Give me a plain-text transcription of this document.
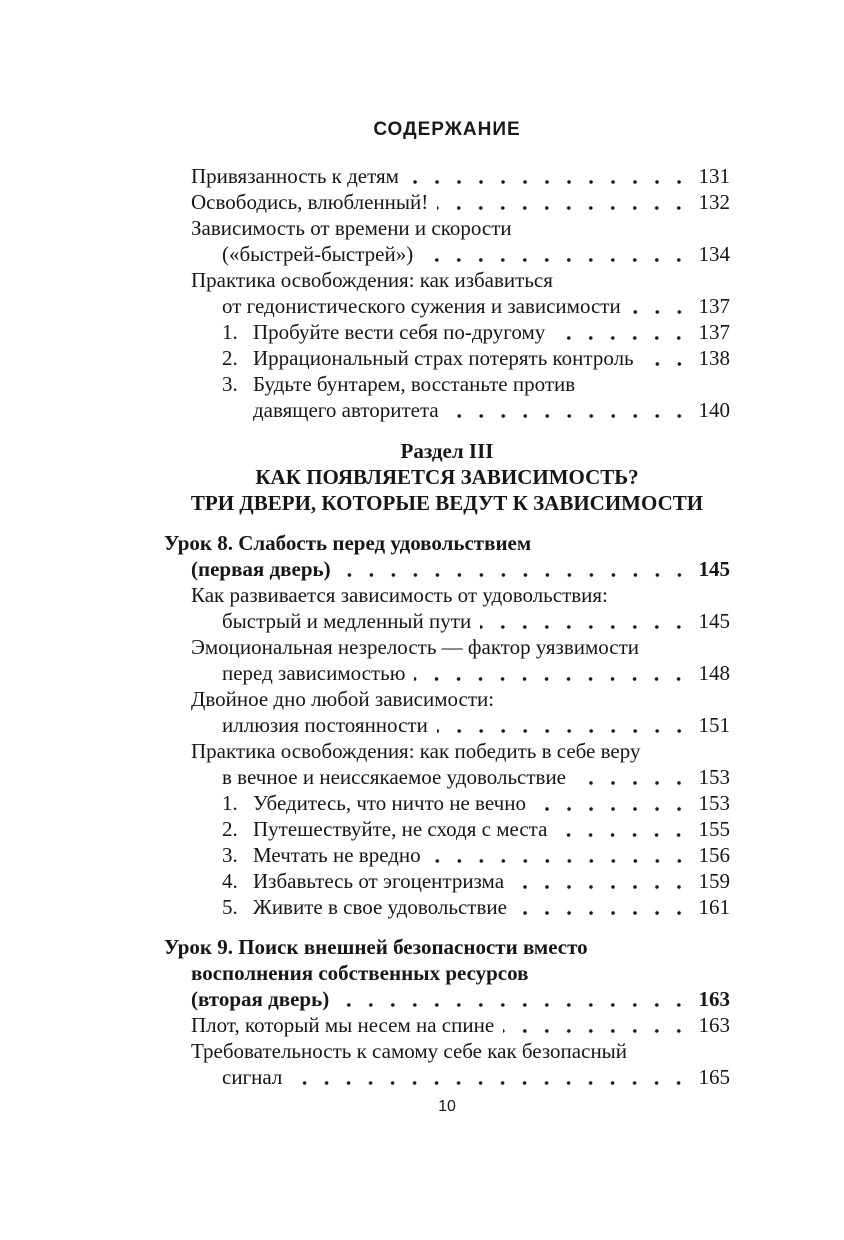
СОДЕРЖАНИЕ
Привязанность к детям	131
Освободись, влюбленный!	132
Зависимость от времени и скорости
(«быстрей-быстрей»)	134
Практика освобождения: как избавиться
от гедонистического сужения и зависимости	137
1. Пробуйте вести себя по-другому	137
2. Иррациональный страх потерять контроль	138
3. Будьте бунтарем, восстаньте против
давящего авторитета	140
Раздел III
КАК ПОЯВЛЯЕТСЯ ЗАВИСИМОСТЬ?
ТРИ ДВЕРИ, КОТОРЫЕ ВЕДУТ К ЗАВИСИМОСТИ
Урок 8. Слабость перед удовольствием
(первая дверь)	145
Как развивается зависимость от удовольствия:
быстрый и медленный пути	145
Эмоциональная незрелость — фактор уязвимости
перед зависимостью	148
Двойное дно любой зависимости:
иллюзия постоянности	151
Практика освобождения: как победить в себе веру
в вечное и неиссякаемое удовольствие	153
1. Убедитесь, что ничто не вечно	153
2. Путешествуйте, не сходя с места	155
3. Мечтать не вредно	156
4. Избавьтесь от эгоцентризма	159
5. Живите в свое удовольствие	161
Урок 9. Поиск внешней безопасности вместо
восполнения собственных ресурсов
(вторая дверь)	163
Плот, который мы несем на спине	163
Требовательность к самому себе как безопасный
сигнал	165
10
